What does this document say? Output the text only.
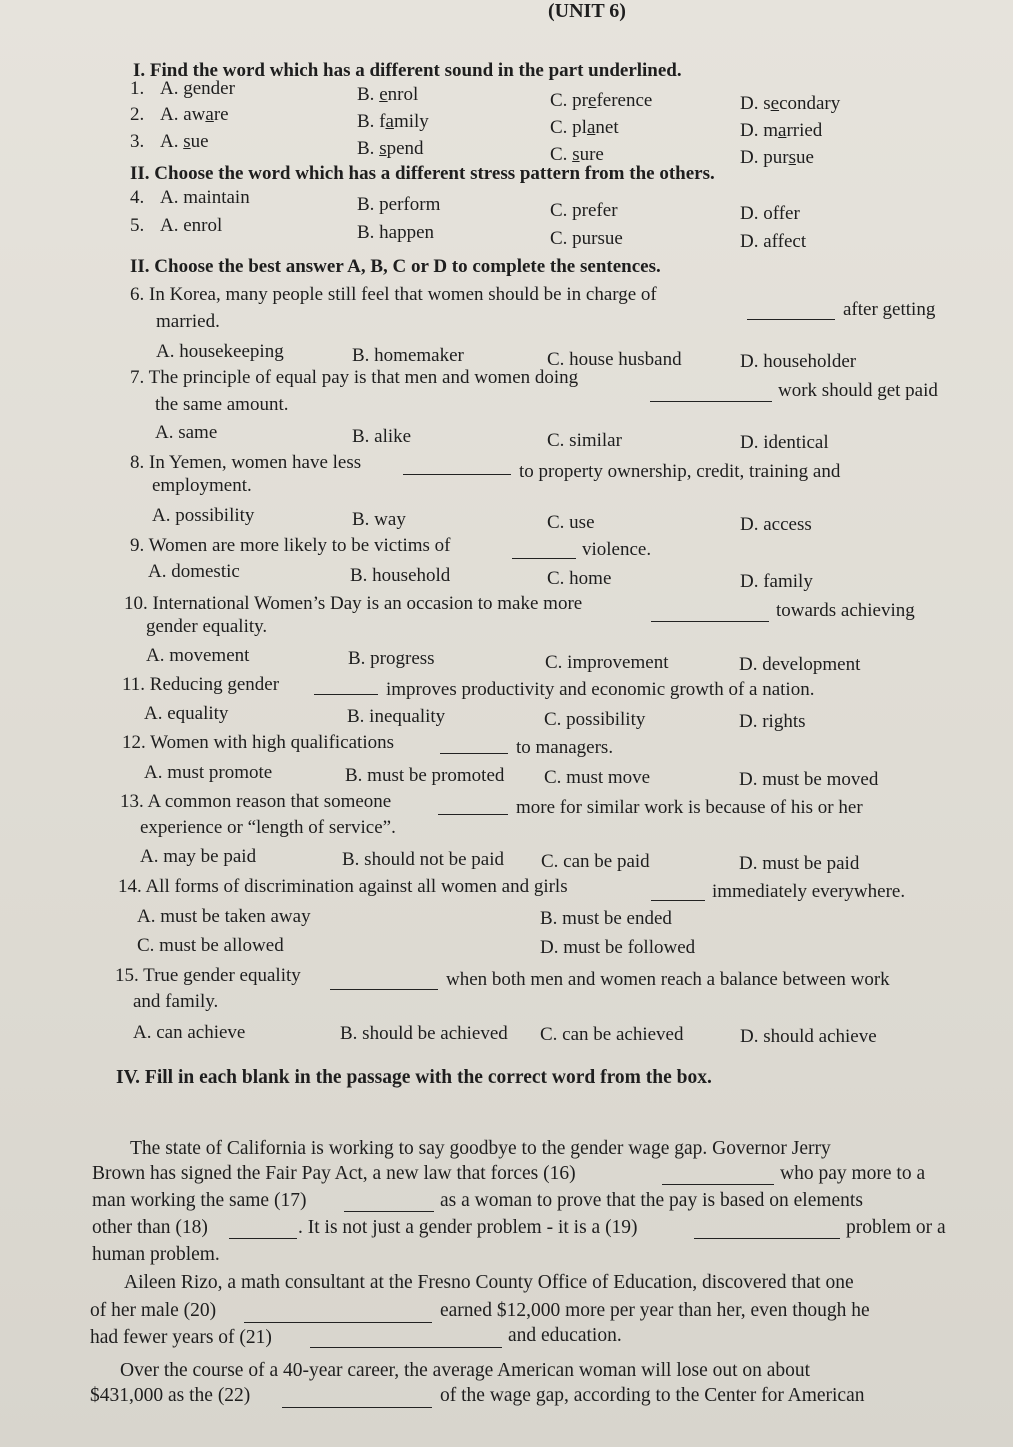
(UNIT 6)
I. Find the word which has a different sound in the part underlined.
1. A. gender	B. enrol	C. preference	D. secondary
2. A. aware	B. family	C. planet	D. married
3. A. sue	B. spend	C. sure	D. pursue
II. Choose the word which has a different stress pattern from the others.
4. A. maintain	B. perform	C. prefer	D. offer
5. A. enrol	B. happen	C. pursue	D. affect
II. Choose the best answer A, B, C or D to complete the sentences.
6. In Korea, many people still feel that women should be in charge of
after getting
married.
A. housekeeping	B. homemaker	C. house husband	D. householder
7. The principle of equal pay is that men and women doing
work should get paid
the same amount.
A. same	B. alike	C. similar	D. identical
8. In Yemen, women have less	to property ownership, credit, training and
employment.
A. possibility	B. way	C. use	D. access
9. Women are more likely to be victims of	violence.
A. domestic	B. household	C. home	D. family
10. International Women’s Day is an occasion to make more	towards achieving
gender equality.
A. movement	B. progress	C. improvement	D. development
11. Reducing gender	improves productivity and economic growth of a nation.
A. equality	B. inequality	C. possibility	D. rights
12. Women with high qualifications	to managers.
A. must promote	B. must be promoted C. must move	D. must be moved
13. A common reason that someone	more for similar work is because of his or her
experience or “length of service”.
A. may be paid	B. should not be paid C. can be paid	D. must be paid
14. All forms of discrimination against all women and girls	immediately everywhere.
A. must be taken away	B. must be ended
C. must be allowed	D. must be followed
15. True gender equality	when both men and women reach a balance between work
and family.
A. can achieve	B. should be achieved C. can be achieved	D. should achieve
IV. Fill in each blank in the passage with the correct word from the box.
The state of California is working to say goodbye to the gender wage gap. Governor Jerry
Brown has signed the Fair Pay Act, a new law that forces (16)	who pay more to a
man working the same (17)	as a woman to prove that the pay is based on elements
other than (18)	. It is not just a gender problem - it is a (19)	problem or a
human problem.
Aileen Rizo, a math consultant at the Fresno County Office of Education, discovered that one
of her male (20)	earned $12,000 more per year than her, even though he
had fewer years of (21)	and education.
Over the course of a 40-year career, the average American woman will lose out on about
$431,000 as the (22)	of the wage gap, according to the Center for American
